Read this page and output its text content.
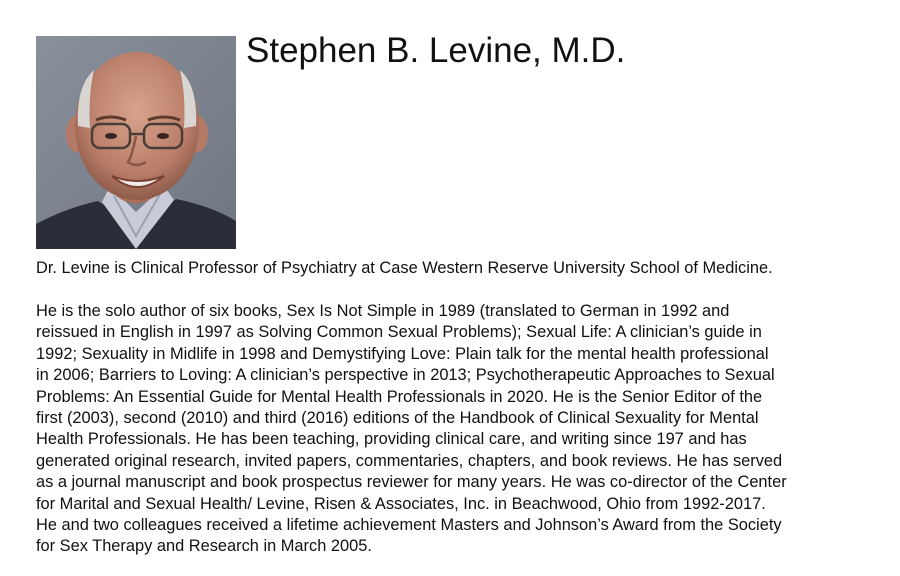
Stephen B. Levine, M.D.

Dr. Levine is Clinical Professor of Psychiatry at Case Western Reserve University School of Medicine.

He is the solo author of six books, Sex Is Not Simple in 1989 (translated to German in 1992 and
reissued in English in 1997 as Solving Common Sexual Problems); Sexual Life: A clinician’s guide in
1992; Sexuality in Midlife in 1998 and Demystifying Love: Plain talk for the mental health professional
in 2006; Barriers to Loving: A clinician’s perspective in 2013; Psychotherapeutic Approaches to Sexual
Problems: An Essential Guide for Mental Health Professionals in 2020. He is the Senior Editor of the
first (2003), second (2010) and third (2016) editions of the Handbook of Clinical Sexuality for Mental
Health Professionals. He has been teaching, providing clinical care, and writing since 197 and has
generated original research, invited papers, commentaries, chapters, and book reviews. He has served
as a journal manuscript and book prospectus reviewer for many years. He was co-director of the Center
for Marital and Sexual Health/ Levine, Risen & Associates, Inc. in Beachwood, Ohio from 1992-2017.
He and two colleagues received a lifetime achievement Masters and Johnson’s Award from the Society
for Sex Therapy and Research in March 2005.
